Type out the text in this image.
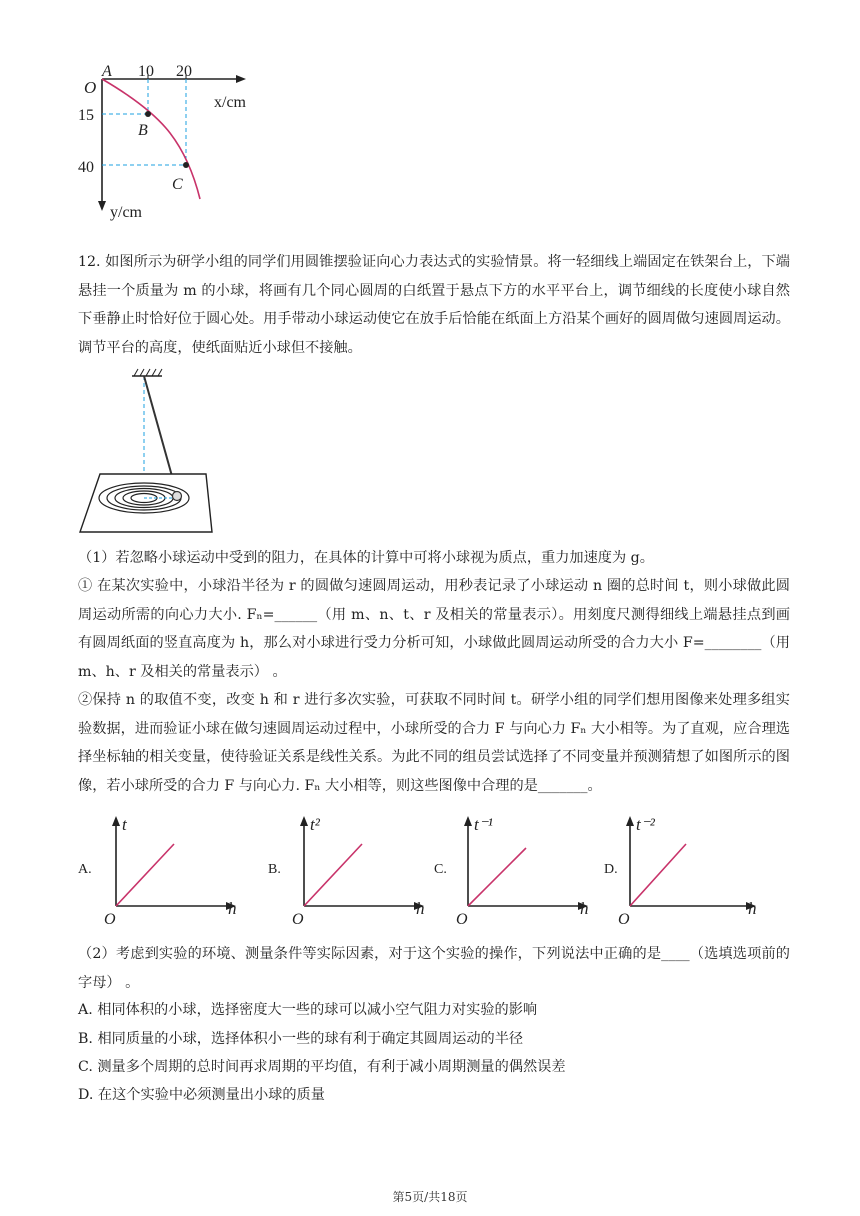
O
A 10 20
x/cm
15
40
y/cm
B
C
12. 如图所示为研学小组的同学们用圆锥摆验证向心力表达式的实验情景。将一轻细线上端固定在铁架台上，下端悬挂一个质量为 m 的小球，将画有几个同心圆周的白纸置于悬点下方的水平平台上，调节细线的长度使小球自然下垂静止时恰好位于圆心处。用手带动小球运动使它在放手后恰能在纸面上方沿某个画好的圆周做匀速圆周运动。调节平台的高度，使纸面贴近小球但不接触。
（1）若忽略小球运动中受到的阻力，在具体的计算中可将小球视为质点，重力加速度为 g。
① 在某次实验中，小球沿半径为 r 的圆做匀速圆周运动，用秒表记录了小球运动 n 圈的总时间 t，则小球做此圆周运动所需的向心力大小. Fₙ=______（用 m、n、t、r 及相关的常量表示）。用刻度尺测得细线上端悬挂点到画有圆周纸面的竖直高度为 h，那么对小球进行受力分析可知，小球做此圆周运动所受的合力大小 F=________（用 m、h、r 及相关的常量表示） 。
②保持 n 的取值不变，改变 h 和 r 进行多次实验，可获取不同时间 t。研学小组的同学们想用图像来处理多组实验数据，进而验证小球在做匀速圆周运动过程中，小球所受的合力 F 与向心力 Fₙ 大小相等。为了直观，应合理选择坐标轴的相关变量，使待验证关系是线性关系。为此不同的组员尝试选择了不同变量并预测猜想了如图所示的图像，若小球所受的合力 F 与向心力. Fₙ 大小相等，则这些图像中合理的是_______。
A.
t
h
O
B.
t²
h
O
C.
t⁻¹
h
O
D.
t⁻²
h
O
（2）考虑到实验的环境、测量条件等实际因素，对于这个实验的操作，下列说法中正确的是____（选填选项前的字母） 。
A. 相同体积的小球，选择密度大一些的球可以减小空气阻力对实验的影响
B. 相同质量的小球，选择体积小一些的球有利于确定其圆周运动的半径
C. 测量多个周期的总时间再求周期的平均值，有利于减小周期测量的偶然误差
D. 在这个实验中必须测量出小球的质量
第5页/共18页
